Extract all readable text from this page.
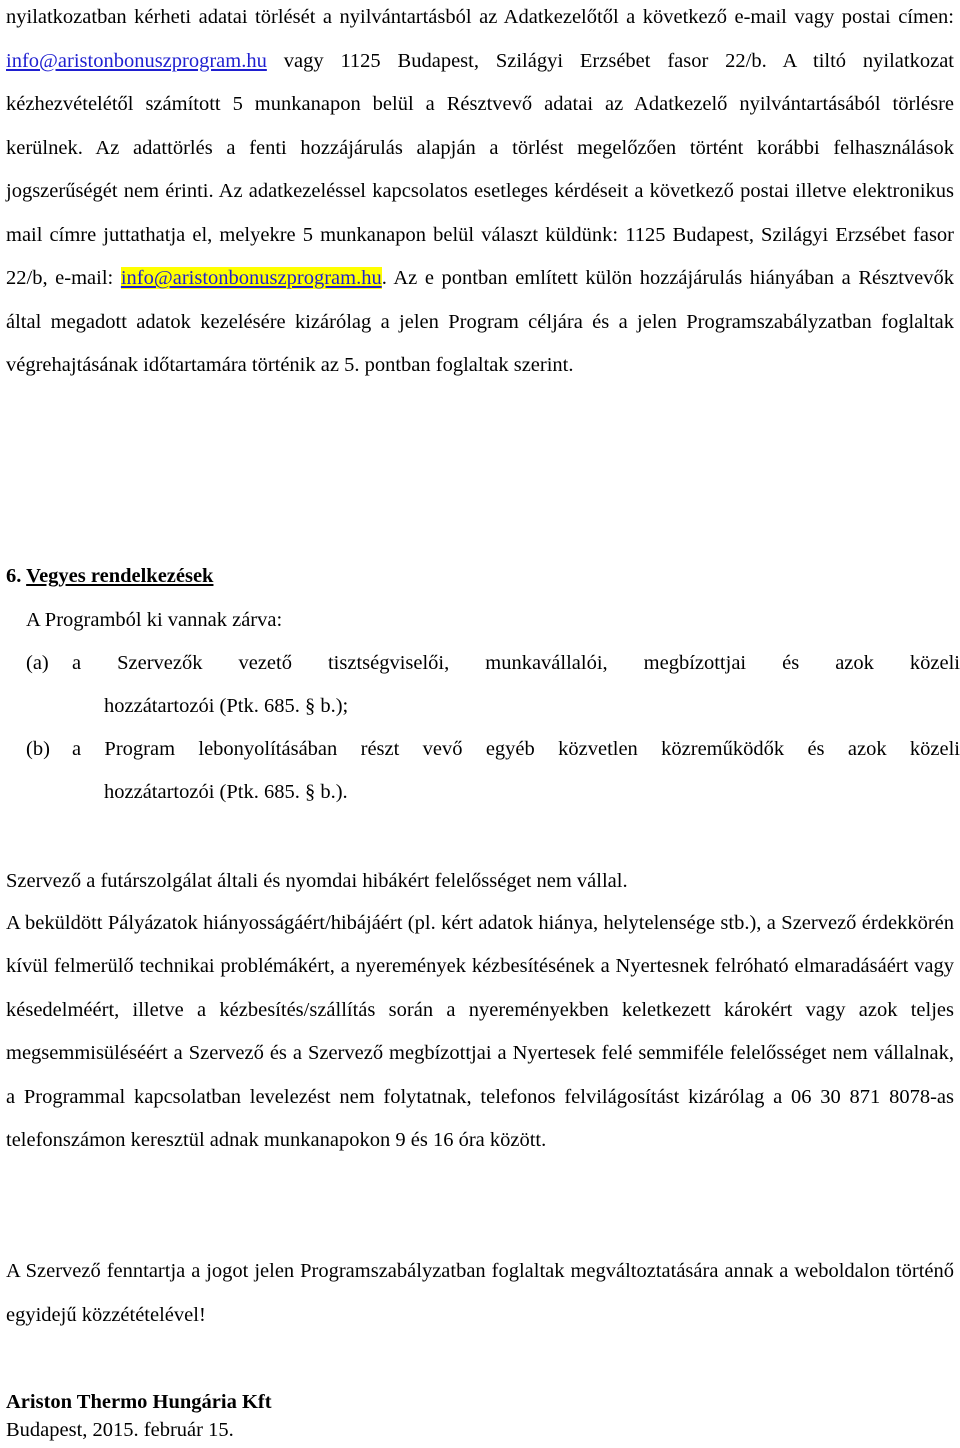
nyilatkozatban kérheti adatai törlését a nyilvántartásból az Adatkezelőtől a következő e-mail vagy postai címen: info@aristonbonuszprogram.hu vagy 1125 Budapest, Szilágyi Erzsébet fasor 22/b. A tiltó nyilatkozat kézhezvételétől számított 5 munkanapon belül a Résztvevő adatai az Adatkezelő nyilvántartásából törlésre kerülnek. Az adattörlés a fenti hozzájárulás alapján a törlést megelőzően történt korábbi felhasználások jogszerűségét nem érinti. Az adatkezeléssel kapcsolatos esetleges kérdéseit a következő postai illetve elektronikus mail címre juttathatja el, melyekre 5 munkanapon belül választ küldünk: 1125 Budapest, Szilágyi Erzsébet fasor 22/b, e-mail: info@aristonbonuszprogram.hu. Az e pontban említett külön hozzájárulás hiányában a Résztvevők által megadott adatok kezelésére kizárólag a jelen Program céljára és a jelen Programszabályzatban foglaltak végrehajtásának időtartamára történik az 5. pontban foglaltak szerint.

6. Vegyes rendelkezések
A Programból ki vannak zárva:
(a)	a Szervezők vezető tisztségviselői, munkavállalói, megbízottjai és azok közeli
hozzátartozói (Ptk. 685. § b.);
(b)	a Program lebonyolításában részt vevő egyéb közvetlen közreműködők és azok közeli
hozzátartozói (Ptk. 685. § b.).
Szervező a futárszolgálat általi és nyomdai hibákért felelősséget nem vállal.

A beküldött Pályázatok hiányosságáért/hibájáért (pl. kért adatok hiánya, helytelensége stb.), a Szervező érdekkörén kívül felmerülő technikai problémákért, a nyeremények kézbesítésének a Nyertesnek felróható elmaradásáért vagy késedelméért, illetve a kézbesítés/szállítás során a nyereményekben keletkezett károkért vagy azok teljes megsemmisüléséért a Szervező és a Szervező megbízottjai a Nyertesek felé semmiféle felelősséget nem vállalnak, a Programmal kapcsolatban levelezést nem folytatnak, telefonos felvilágosítást kizárólag a 06 30 871 8078-as telefonszámon keresztül adnak munkanapokon 9 és 16 óra között.

A Szervező fenntartja a jogot jelen Programszabályzatban foglaltak megváltoztatására annak a weboldalon történő egyidejű közzétételével!

Ariston Thermo Hungária Kft
Budapest, 2015. február 15.
